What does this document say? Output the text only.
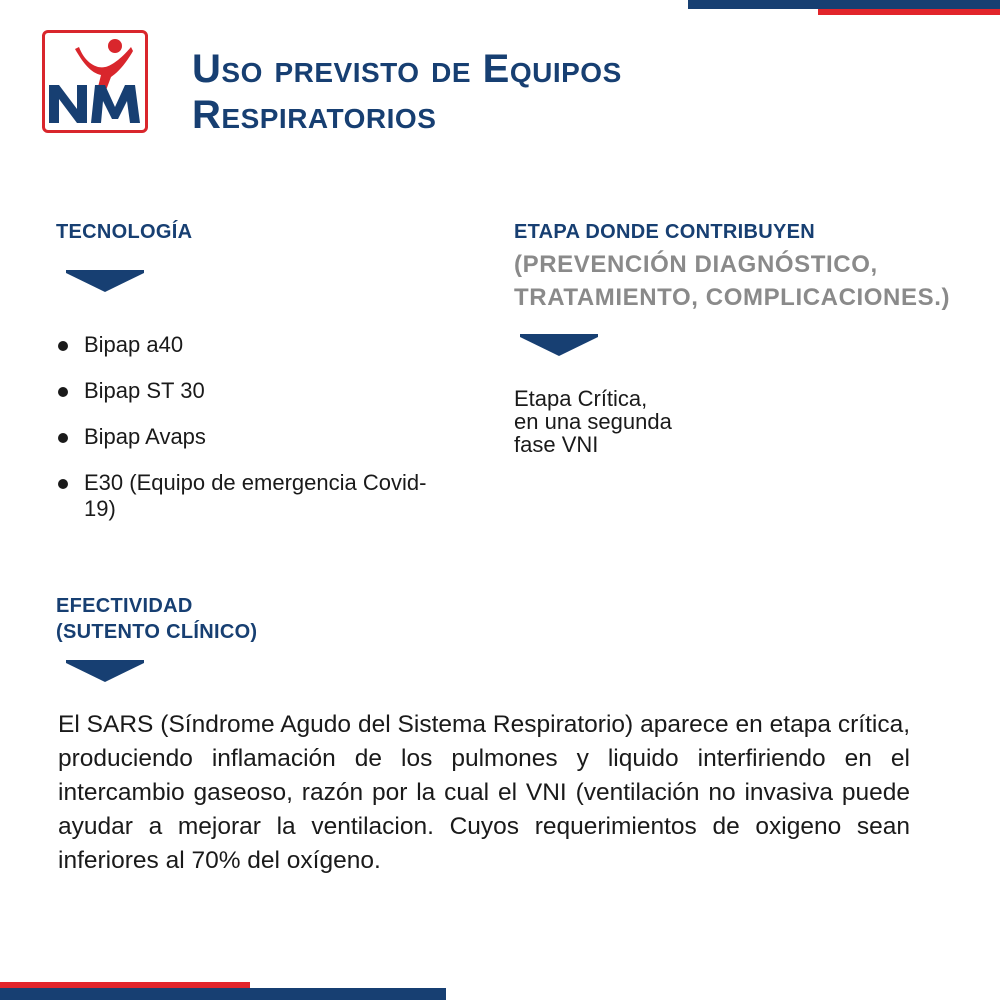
Uso previsto de Equipos
Respiratorios
TECNOLOGÍA
Bipap a40
Bipap ST 30
Bipap Avaps
E30 (Equipo de emergencia Covid-19)
ETAPA DONDE CONTRIBUYEN
(PREVENCIÓN DIAGNÓSTICO,
TRATAMIENTO, COMPLICACIONES.)
Etapa Crítica,
en una segunda
fase VNI
EFECTIVIDAD
(SUTENTO CLÍNICO)
El SARS (Síndrome Agudo del Sistema Respiratorio) aparece en etapa crítica, produciendo inflamación de los pulmones y liquido interfiriendo en el intercambio gaseoso, razón por la cual el VNI (ventilación no invasiva puede ayudar a mejorar la ventilacion. Cuyos requerimientos de oxigeno sean inferiores al 70% del oxígeno.
